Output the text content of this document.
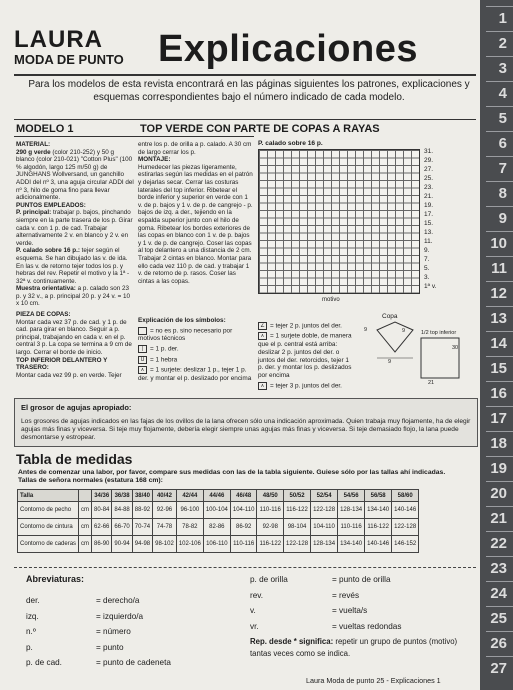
LAURA
MODA DE PUNTO Explicaciones
Para los modelos de esta revista encontrará en las páginas siguientes los patrones, explicaciones y esquemas correspondientes bajo el número indicado de cada modelo.
MODELO 1	TOP VERDE CON PARTE DE COPAS A RAYAS
MATERIAL:
290 g verde (color 210-252) y 50 g blanco (color 210-021) "Cotton Plus" (100 % algodón, largo 125 m/50 g) de JUNGHANS Wollversand, un ganchillo ADDI del nº 3, una aguja circular ADDI del nº 3, hilo de goma fino para llevar adicionalmente.
PUNTOS EMPLEADOS:
P. principal: trabajar p. bajos, pinchando siempre en la parte trasera de los p. Girar cada v. con 1 p. de cad. Trabajar alternativamente 2 v. en blanco y 2 v. en verde.
P. calado sobre 16 p.: tejer según el esquema. Se han dibujado las v. de ida. En las v. de retorno tejer todos los p. y hebras del rev. Repetir el motivo y la 1ª - 32ª v. continuamente.
Muestra orientativa: a p. calado son 23 p. y 32 v., a p. principal 20 p. y 24 v. = 10 x 10 cm.
PIEZA DE COPAS:
Montar cada vez 37 p. de cad. y 1 p. de cad. para girar en blanco. Seguir a p. principal, trabajando en cada v. en el p. central 3 p. La copa se termina a 9 cm de largo. Cerrar el borde de inicio.
TOP INFERIOR DELANTERO Y TRASERO:
Montar cada vez 99 p. en verde. Tejer
entre los p. de orilla a p. calado. A 30 cm de largo cerrar los p.
MONTAJE:
Humedecer las piezas ligeramente, estirarlas según las medidas en el patrón y dejarlas secar. Cerrar las costuras laterales del top inferior. Ribetear el borde inferior y superior en verde con 1 v. de p. bajos y 1 v. de p. de cangrejo - p. bajos de izq. a der., tejiendo en la espalda superior junto con el hilo de goma. Ribetear los bordes exteriores de las copas en blanco con 1 v. de p. bajos y 1 v. de p. de cangrejo. Coser las copas al top delantero a una distancia de 2 cm. Trabajar 2 cintas en blanco. Montar para ello cada vez 110 p. de cad. y trabajar 1 v. de retorno de p. rasos. Coser las cintas a las copas.
P. calado sobre 16 p.
31.
29.
27.
25.
23.
21.
19.
17.
15.
13.
11.
9.
7.
5.
3.
1ª v.
motivo
Explicación de los símbolos:
= no es p. sino necesario por motivos técnicos
| = 1 p. der.
U = 1 hebra
∧ = 1 surjete: deslizar 1 p., tejer 1 p. der. y montar el p. deslizado por encima
∠ = tejer 2 p. juntos del der.
∧ = 1 surjete doble, de manera que el p. central está arriba: deslizar 2 p. juntos del der. o juntos del der. retorcidos, tejer 1 p. der. y montar los p. deslizados por encima
∧ = tejer 3 p. juntos del der.
Copa
1/2 top inferior
9
9
9
30
21
El grosor de agujas apropiado:
Los grosores de agujas indicados en las fajas de los ovillos de la lana ofrecen sólo una indicación aproximada. Quien trabaja muy flojamente, ha de elegir agujas más finas y viceversa. Si teje muy flojamente, debería elegir siempre unas agujas más finas y viceversa. Si teje demasiado flojo, la lana puede desmontarse y estropear.
Tabla de medidas
Antes de comenzar una labor, por favor, compare sus medidas con las de la tabla siguiente. Guiese sólo por las tallas ahí indicadas.
Tallas de señora normales (estatura 168 cm):
Talla		34/36	36/38	38/40	40/42	42/44	44/46	46/48	48/50	50/52	52/54	54/56	56/58	58/60
Contorno de pecho	cm	80-84	84-88	88-92	92-96	96-100	100-104	104-110	110-116	116-122	122-128	128-134	134-140	140-146
Contorno de cintura	cm	62-66	66-70	70-74	74-78	78-82	82-86	86-92	92-98	98-104	104-110	110-116	116-122	122-128
Contorno de caderas	cm	86-90	90-94	94-98	98-102	102-106	106-110	110-116	116-122	122-128	128-134	134-140	140-146	146-152
Abreviaturas:
der.	= derecho/a
izq.	= izquierdo/a
n.º	= número
p.	= punto
p. de cad.	= punto de cadeneta
p. de orilla	= punto de orilla
rev.	= revés
v.	= vuelta/s
vr.	= vueltas redondas
Rep. desde * significa: repetir un grupo de puntos (motivo) tantas veces como se indica.
Laura Moda de punto 25 - Explicaciones 1
1
2
3
4
5
6
7
8
9
10
11
12
13
14
15
16
17
18
19
20
21
22
23
24
25
26
27
